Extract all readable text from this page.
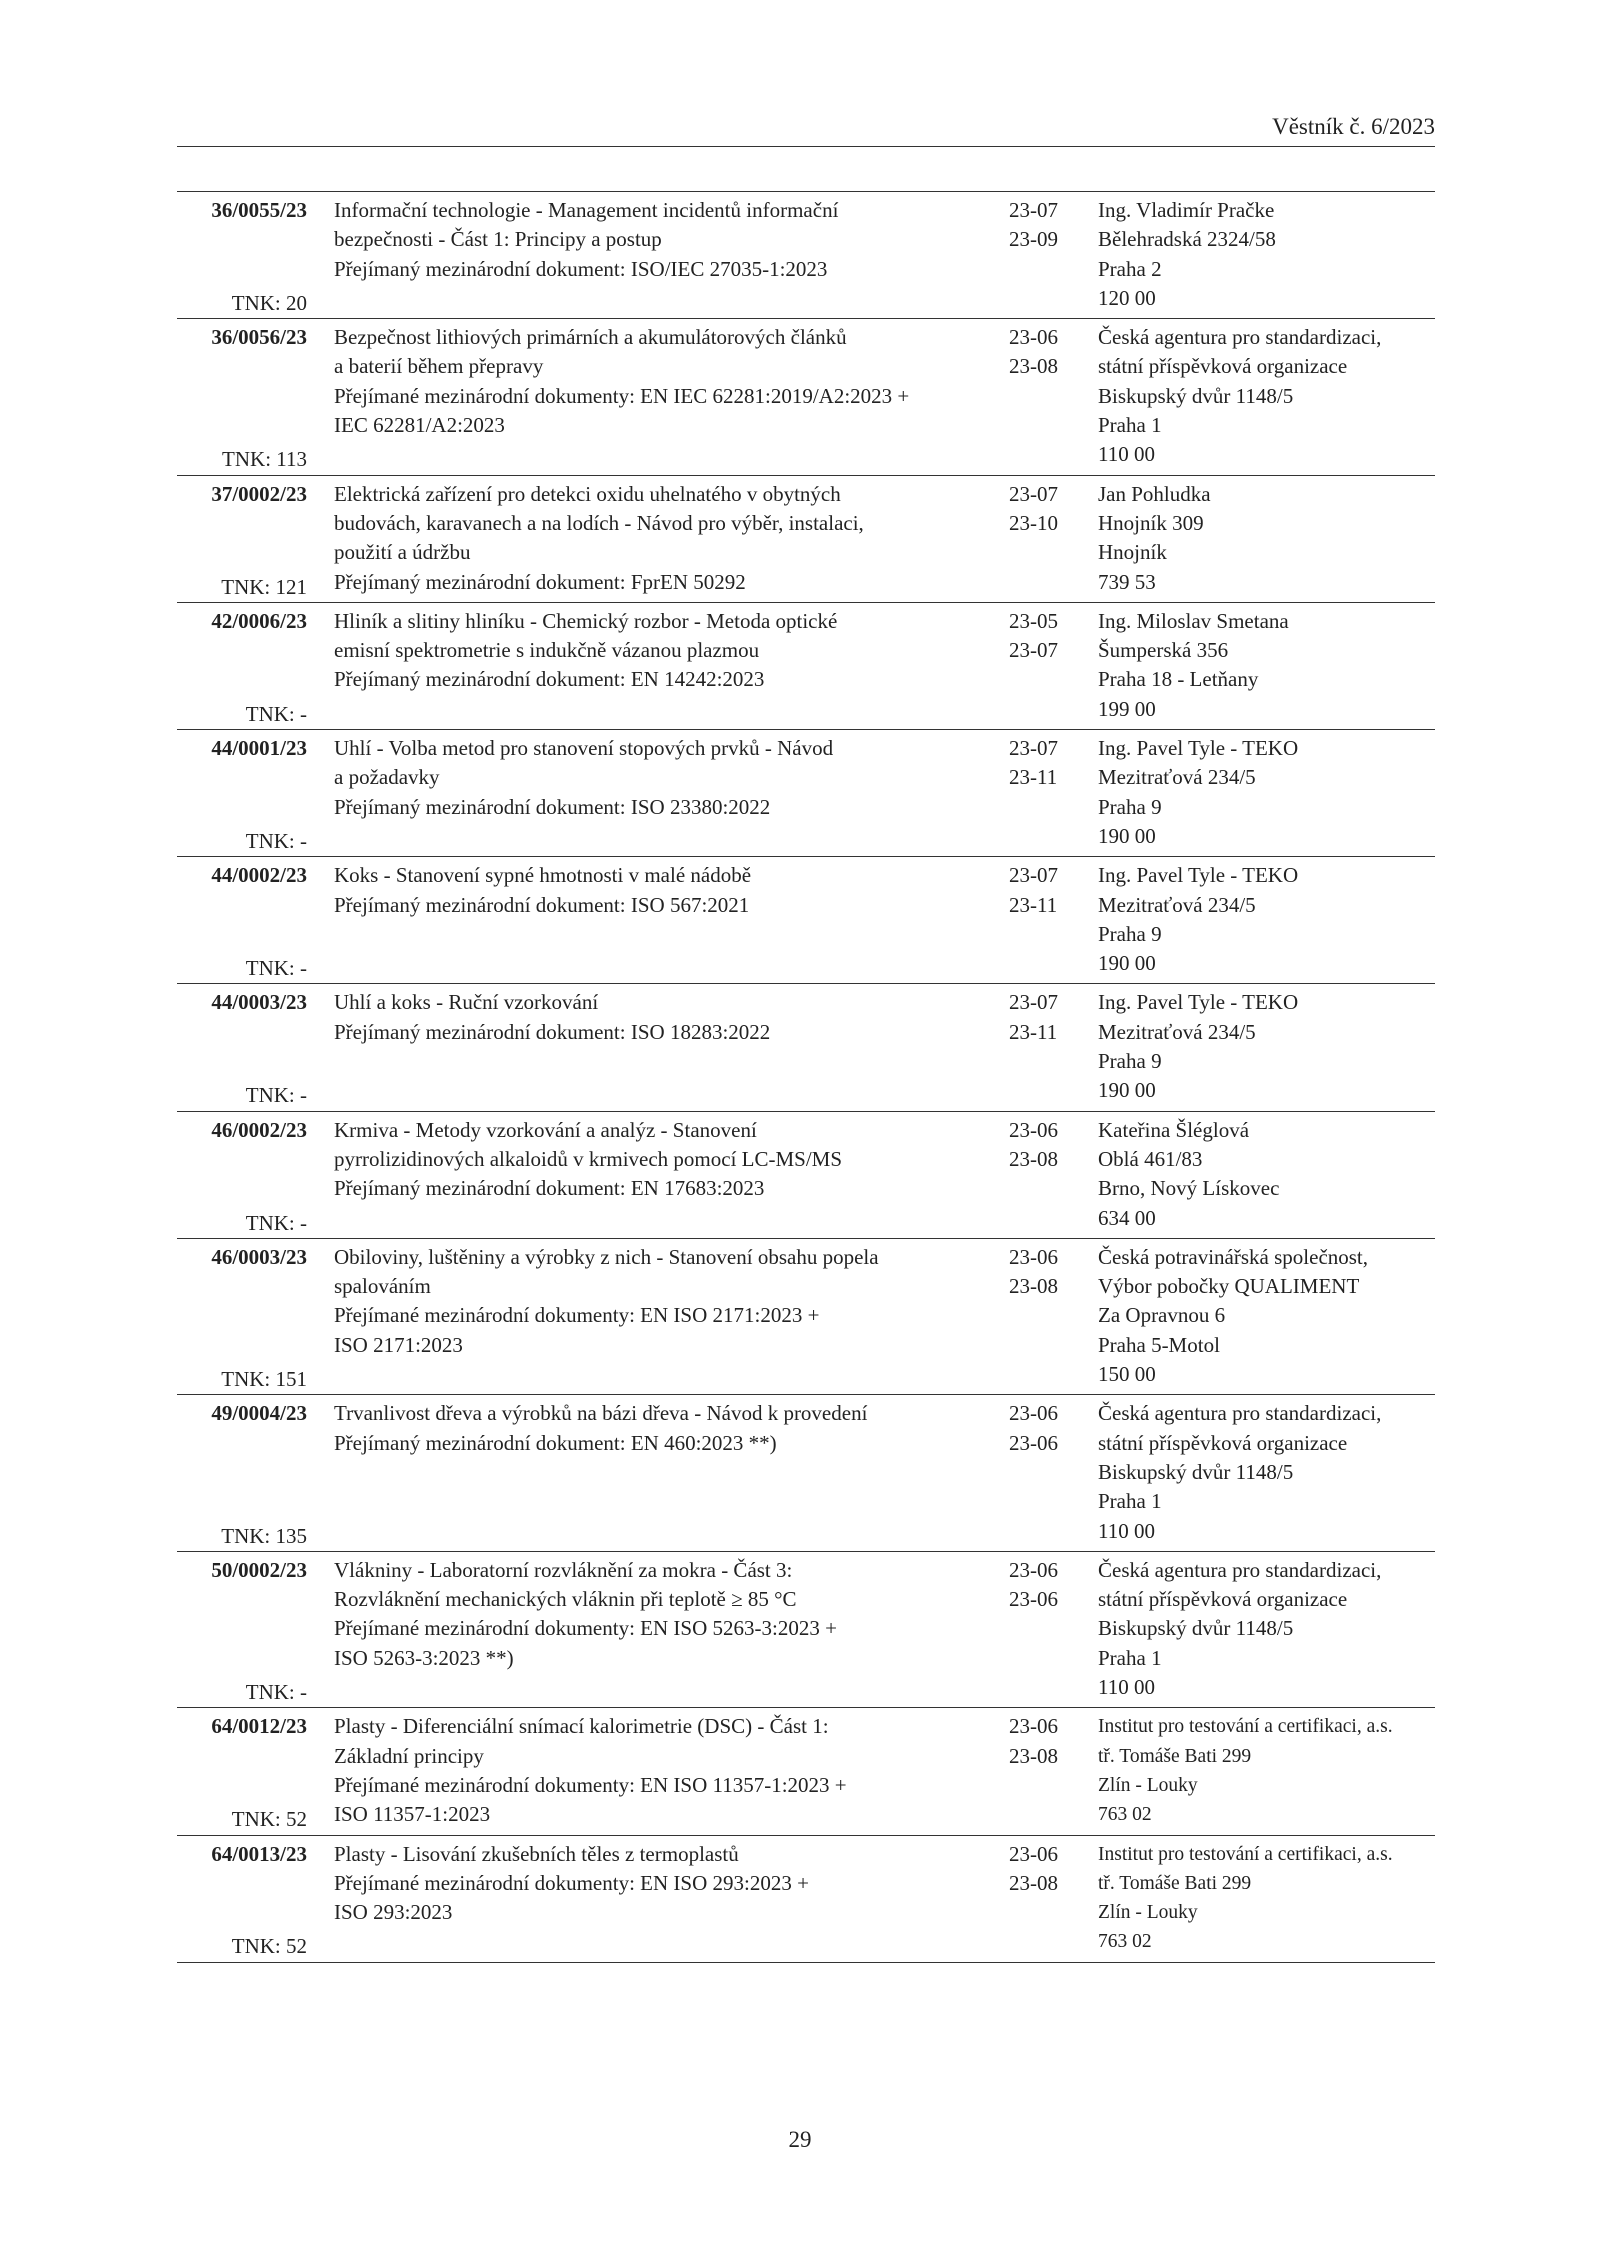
Věstník č. 6/2023
36/0055/23
TNK: 20
Informační technologie - Management incidentů informační
bezpečnosti - Část 1: Principy a postup
Přejímaný mezinárodní dokument: ISO/IEC 27035-1:2023
23-07
23-09
Ing. Vladimír Pračke
Bělehradská 2324/58
Praha 2
120 00
36/0056/23
TNK: 113
Bezpečnost lithiových primárních a akumulátorových článků
a baterií během přepravy
Přejímané mezinárodní dokumenty: EN IEC 62281:2019/A2:2023 +
IEC 62281/A2:2023
23-06
23-08
Česká agentura pro standardizaci,
státní příspěvková organizace
Biskupský dvůr 1148/5
Praha 1
110 00
37/0002/23
TNK: 121
Elektrická zařízení pro detekci oxidu uhelnatého v obytných
budovách, karavanech a na lodích - Návod pro výběr, instalaci,
použití a údržbu
Přejímaný mezinárodní dokument: FprEN 50292
23-07
23-10
Jan Pohludka
Hnojník 309
Hnojník
739 53
42/0006/23
TNK: -
Hliník a slitiny hliníku - Chemický rozbor - Metoda optické
emisní spektrometrie s indukčně vázanou plazmou
Přejímaný mezinárodní dokument: EN 14242:2023
23-05
23-07
Ing. Miloslav Smetana
Šumperská 356
Praha 18 - Letňany
199 00
44/0001/23
TNK: -
Uhlí - Volba metod pro stanovení stopových prvků - Návod
a požadavky
Přejímaný mezinárodní dokument: ISO 23380:2022
23-07
23-11
Ing. Pavel Tyle - TEKO
Mezitraťová 234/5
Praha 9
190 00
44/0002/23
TNK: -
Koks - Stanovení sypné hmotnosti v malé nádobě
Přejímaný mezinárodní dokument: ISO 567:2021
23-07
23-11
Ing. Pavel Tyle - TEKO
Mezitraťová 234/5
Praha 9
190 00
44/0003/23
TNK: -
Uhlí a koks - Ruční vzorkování
Přejímaný mezinárodní dokument: ISO 18283:2022
23-07
23-11
Ing. Pavel Tyle - TEKO
Mezitraťová 234/5
Praha 9
190 00
46/0002/23
TNK: -
Krmiva - Metody vzorkování a analýz - Stanovení
pyrrolizidinových alkaloidů v krmivech pomocí LC-MS/MS
Přejímaný mezinárodní dokument: EN 17683:2023
23-06
23-08
Kateřina Šléglová
Oblá 461/83
Brno, Nový Lískovec
634 00
46/0003/23
TNK: 151
Obiloviny, luštěniny a výrobky z nich - Stanovení obsahu popela
spalováním
Přejímané mezinárodní dokumenty: EN ISO 2171:2023 +
ISO 2171:2023
23-06
23-08
Česká potravinářská společnost,
Výbor pobočky QUALIMENT
Za Opravnou 6
Praha 5-Motol
150 00
49/0004/23
TNK: 135
Trvanlivost dřeva a výrobků na bázi dřeva - Návod k provedení
Přejímaný mezinárodní dokument: EN 460:2023 **)
23-06
23-06
Česká agentura pro standardizaci,
státní příspěvková organizace
Biskupský dvůr 1148/5
Praha 1
110 00
50/0002/23
TNK: -
Vlákniny - Laboratorní rozvláknění za mokra - Část 3:
Rozvláknění mechanických vláknin při teplotě ≥ 85 °C
Přejímané mezinárodní dokumenty: EN ISO 5263-3:2023 +
ISO 5263-3:2023 **)
23-06
23-06
Česká agentura pro standardizaci,
státní příspěvková organizace
Biskupský dvůr 1148/5
Praha 1
110 00
64/0012/23
TNK: 52
Plasty - Diferenciální snímací kalorimetrie (DSC) - Část 1:
Základní principy
Přejímané mezinárodní dokumenty: EN ISO 11357-1:2023 +
ISO 11357-1:2023
23-06
23-08
Institut pro testování a certifikaci, a.s.
tř. Tomáše Bati 299
Zlín - Louky
763 02
64/0013/23
TNK: 52
Plasty - Lisování zkušebních těles z termoplastů
Přejímané mezinárodní dokumenty: EN ISO 293:2023 +
ISO 293:2023
23-06
23-08
Institut pro testování a certifikaci, a.s.
tř. Tomáše Bati 299
Zlín - Louky
763 02
29
